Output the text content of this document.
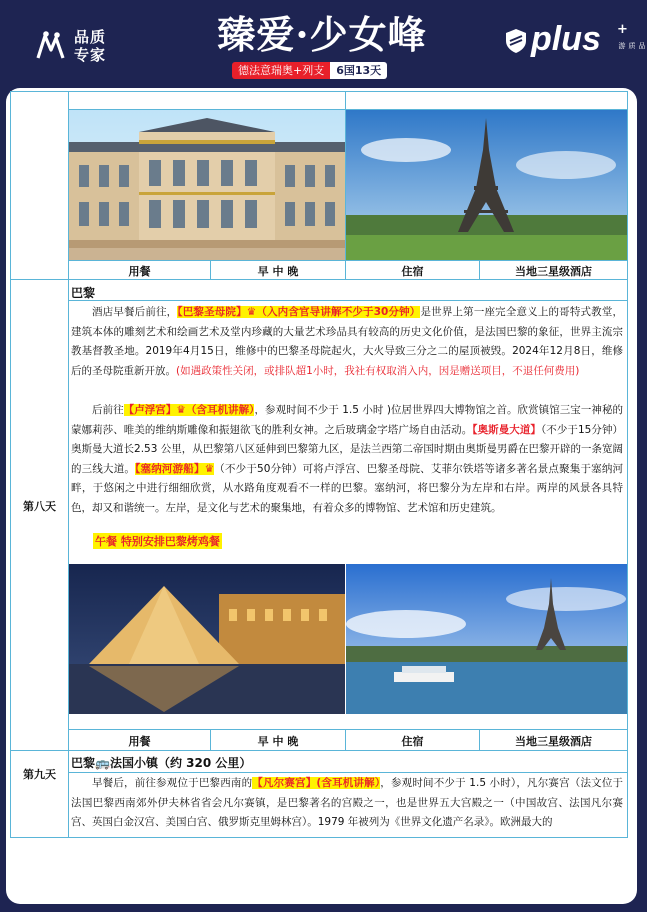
品质
专家	臻爱·少女峰
德法意瑞奥+列支	6国13天
plus +
品质游
用餐	早 中 晚	住宿	当地三星级酒店
第八天
巴黎
酒店早餐后前往，【巴黎圣母院】♛（入内含官导讲解不少于30分钟）是世界上第一座完全意义上的哥特式教堂，建筑本体的雕刻艺术和绘画艺术及堂内珍藏的大量艺术珍品具有较高的历史文化价值，是法国巴黎的象征，世界主流宗教基督教圣地。2019年4月15日，维修中的巴黎圣母院起火，大火导致三分之二的屋顶被毁。2024年12月8日，维修后的圣母院重新开放。(如遇政策性关闭，或排队超1小时，我社有权取消入内，因是赠送项目，不退任何费用)
后前往【卢浮宫】♛（含耳机讲解），参观时间不少于 1.5 小时 )位居世界四大博物馆之首。欣赏镇馆三宝一神秘的蒙娜莉莎、唯美的维纳斯雕像和振翅欲飞的胜利女神。之后玻璃金字塔广场自由活动。【奥斯曼大道】（不少于15分钟）奥斯曼大道长2.53 公里，从巴黎第八区延伸到巴黎第九区，是法兰西第二帝国时期由奥斯曼男爵在巴黎开辟的一条宽阔的三线大道。【塞纳河游船】♛（不少于50分钟）可将卢浮宫、巴黎圣母院、艾菲尔铁塔等诸多著名景点聚集于塞纳河畔，于悠闲之中进行细细欣赏，从水路角度观看不一样的巴黎。塞纳河，将巴黎分为左岸和右岸。两岸的风景各具特色，却又和谐统一。左岸，是文化与艺术的聚集地，有着众多的博物馆、艺术馆和历史建筑。
午餐 特别安排巴黎烤鸡餐
用餐	早 中 晚	住宿	当地三星级酒店
第九天
巴黎🚌法国小镇（约 320 公里）
早餐后，前往参观位于巴黎西南的【凡尔赛宫】(含耳机讲解），参观时间不少于 1.5 小时），凡尔赛宫（法文位于法国巴黎西南郊外伊夫林省省会凡尔赛镇，是巴黎著名的宫殿之一，也是世界五大宫殿之一（中国故宫、法国凡尔赛宫、英国白金汉宫、美国白宫、俄罗斯克里姆林宫）。1979 年被列为《世界文化遗产名录》。欧洲最大的
